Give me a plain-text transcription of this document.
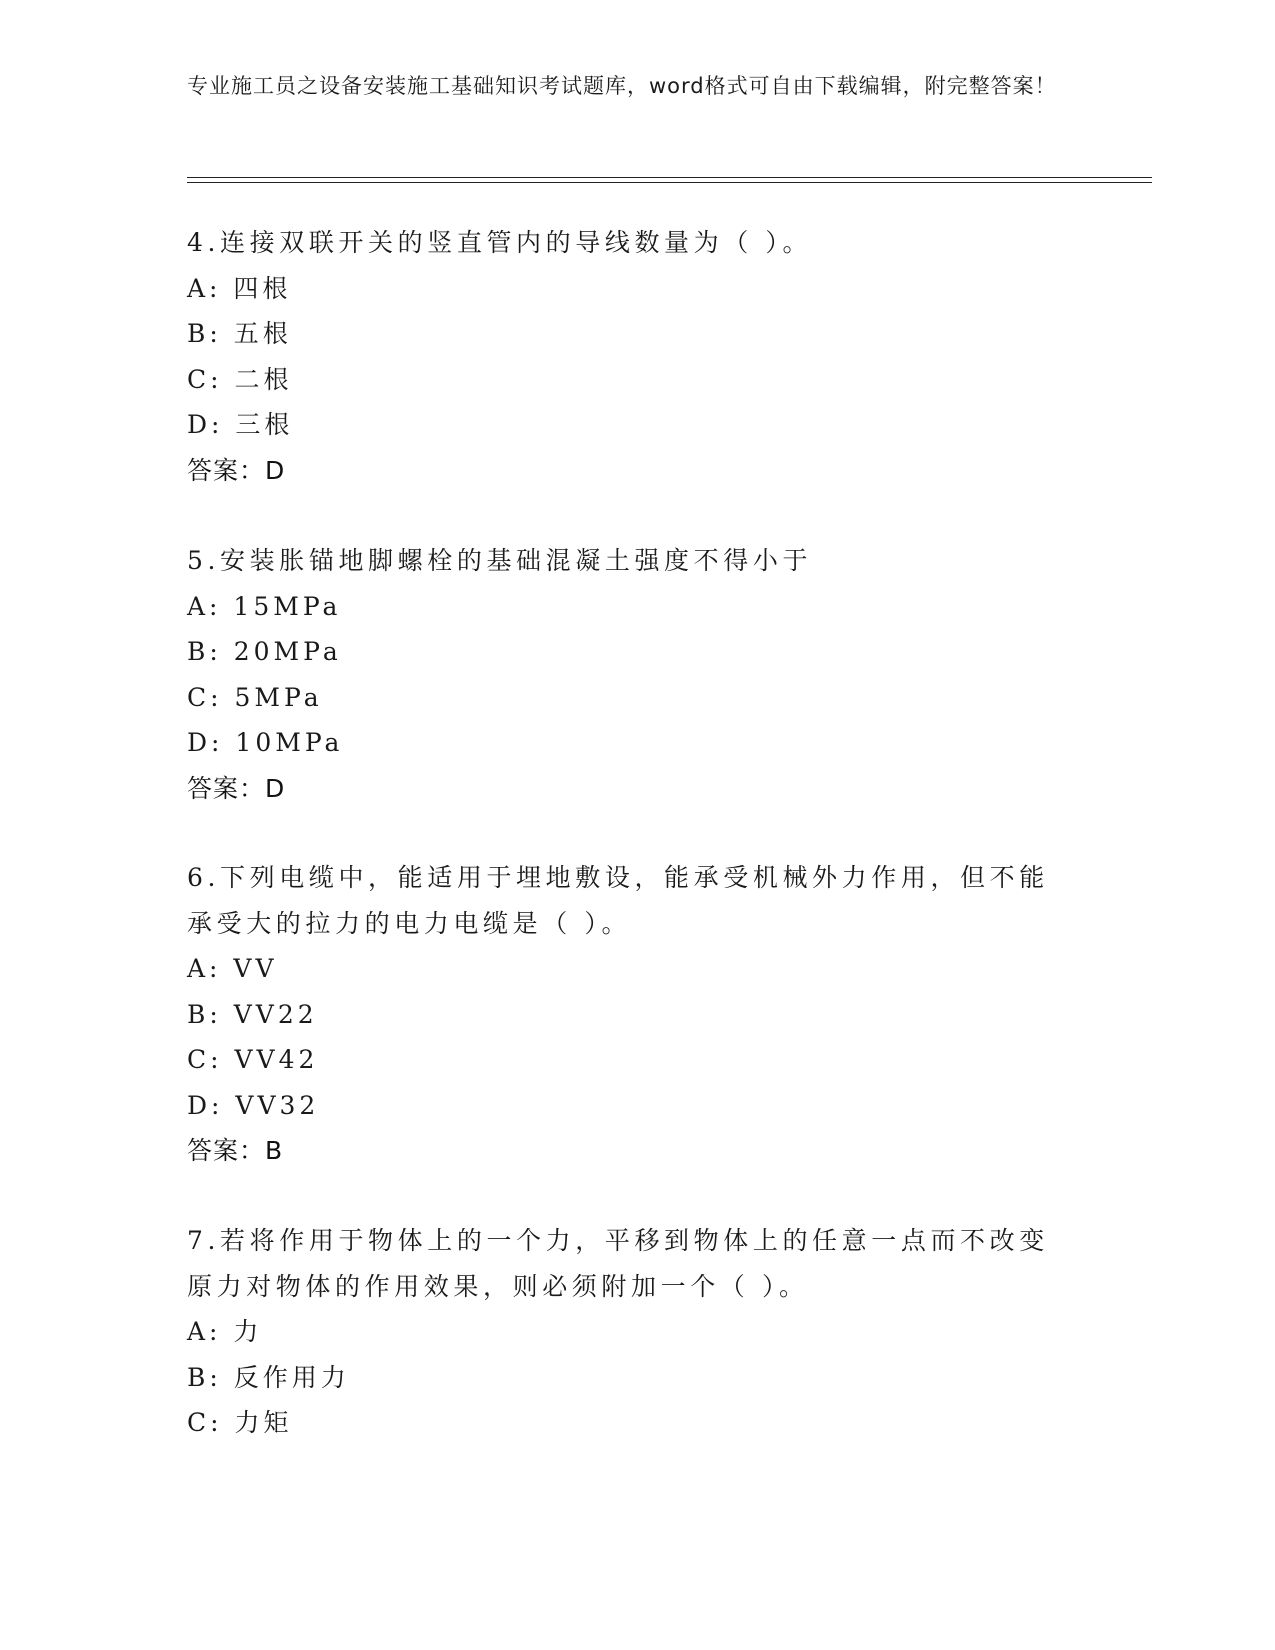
专业施工员之设备安装施工基础知识考试题库，word格式可自由下载编辑，附完整答案！

4.连接双联开关的竖直管内的导线数量为（ ）。

A: 四根

B: 五根

C: 二根

D: 三根

答案：D

5.安装胀锚地脚螺栓的基础混凝土强度不得小于

A: 15MPa

B: 20MPa

C: 5MPa

D: 10MPa

答案：D

6.下列电缆中，能适用于埋地敷设，能承受机械外力作用，但不能承受大的拉力的电力电缆是（ ）。

A: VV

B: VV22

C: VV42

D: VV32

答案：B

7.若将作用于物体上的一个力，平移到物体上的任意一点而不改变原力对物体的作用效果，则必须附加一个（ ）。

A: 力

B: 反作用力

C: 力矩
